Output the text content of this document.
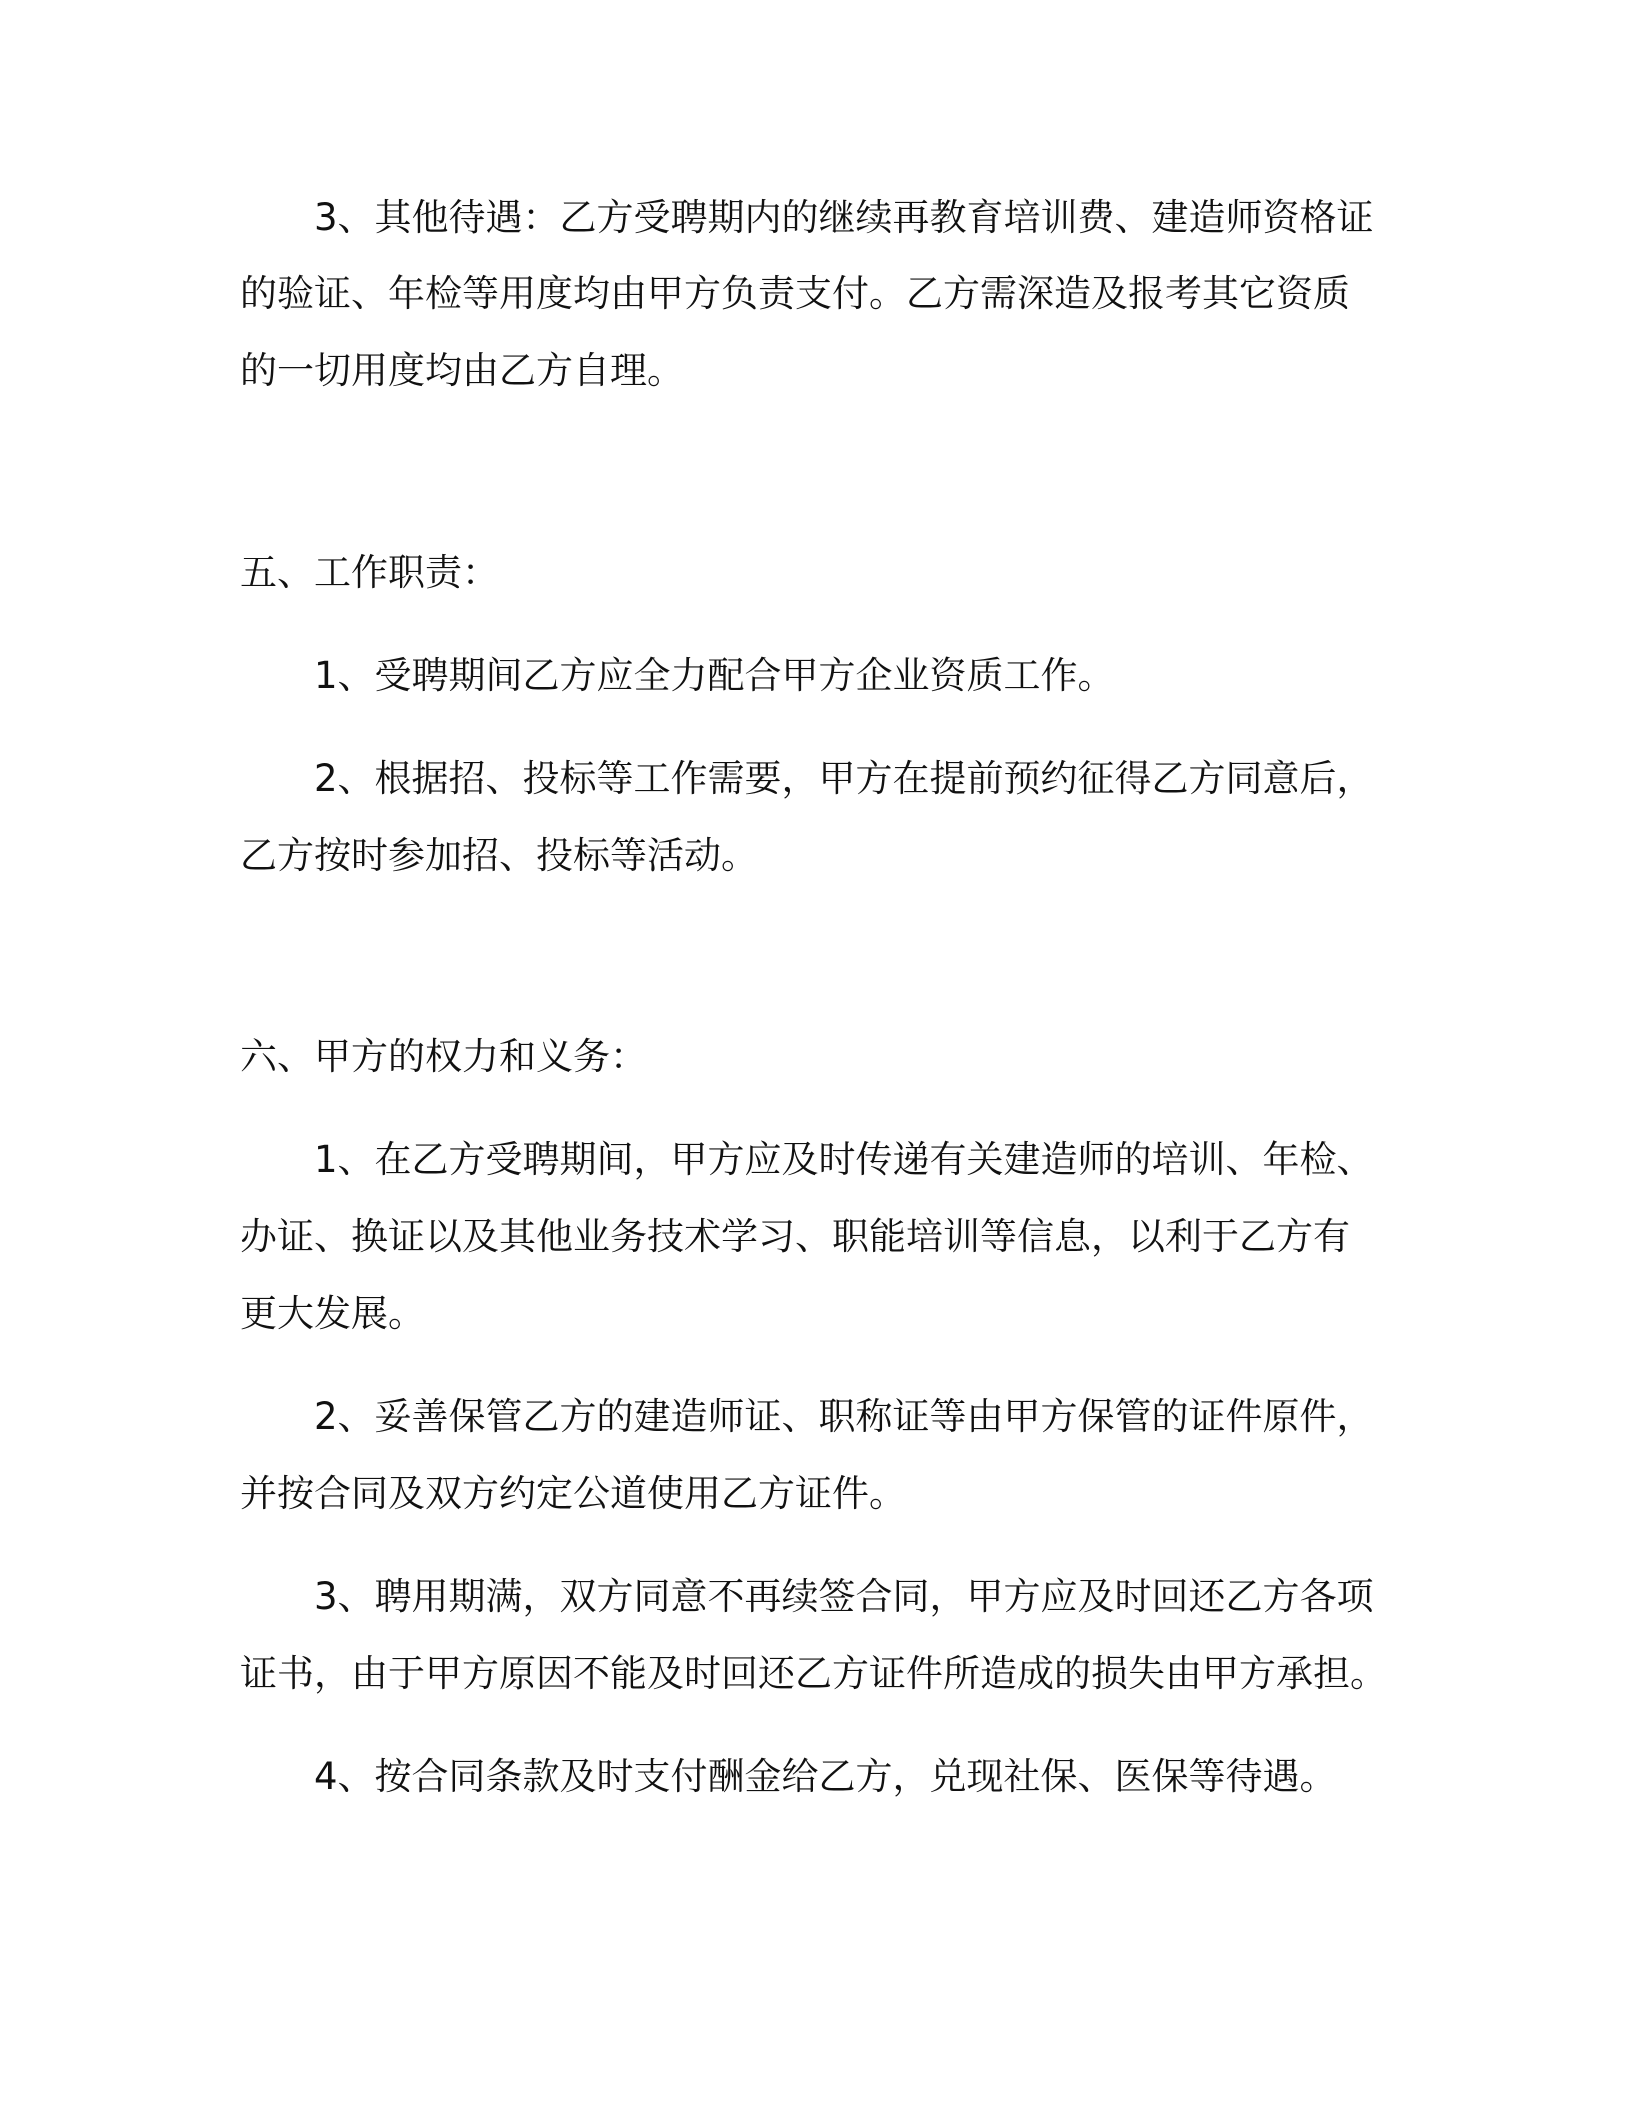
3、其他待遇：乙方受聘期内的继续再教育培训费、建造师资格证
的验证、年检等用度均由甲方负责支付。乙方需深造及报考其它资质
的一切用度均由乙方自理。
五、工作职责：
1、受聘期间乙方应全力配合甲方企业资质工作。
2、根据招、投标等工作需要，甲方在提前预约征得乙方同意后，
乙方按时参加招、投标等活动。
六、甲方的权力和义务：
1、在乙方受聘期间，甲方应及时传递有关建造师的培训、年检、
办证、换证以及其他业务技术学习、职能培训等信息，以利于乙方有
更大发展。
2、妥善保管乙方的建造师证、职称证等由甲方保管的证件原件，
并按合同及双方约定公道使用乙方证件。
3、聘用期满，双方同意不再续签合同，甲方应及时回还乙方各项
证书，由于甲方原因不能及时回还乙方证件所造成的损失由甲方承担。
4、按合同条款及时支付酬金给乙方，兑现社保、医保等待遇。
